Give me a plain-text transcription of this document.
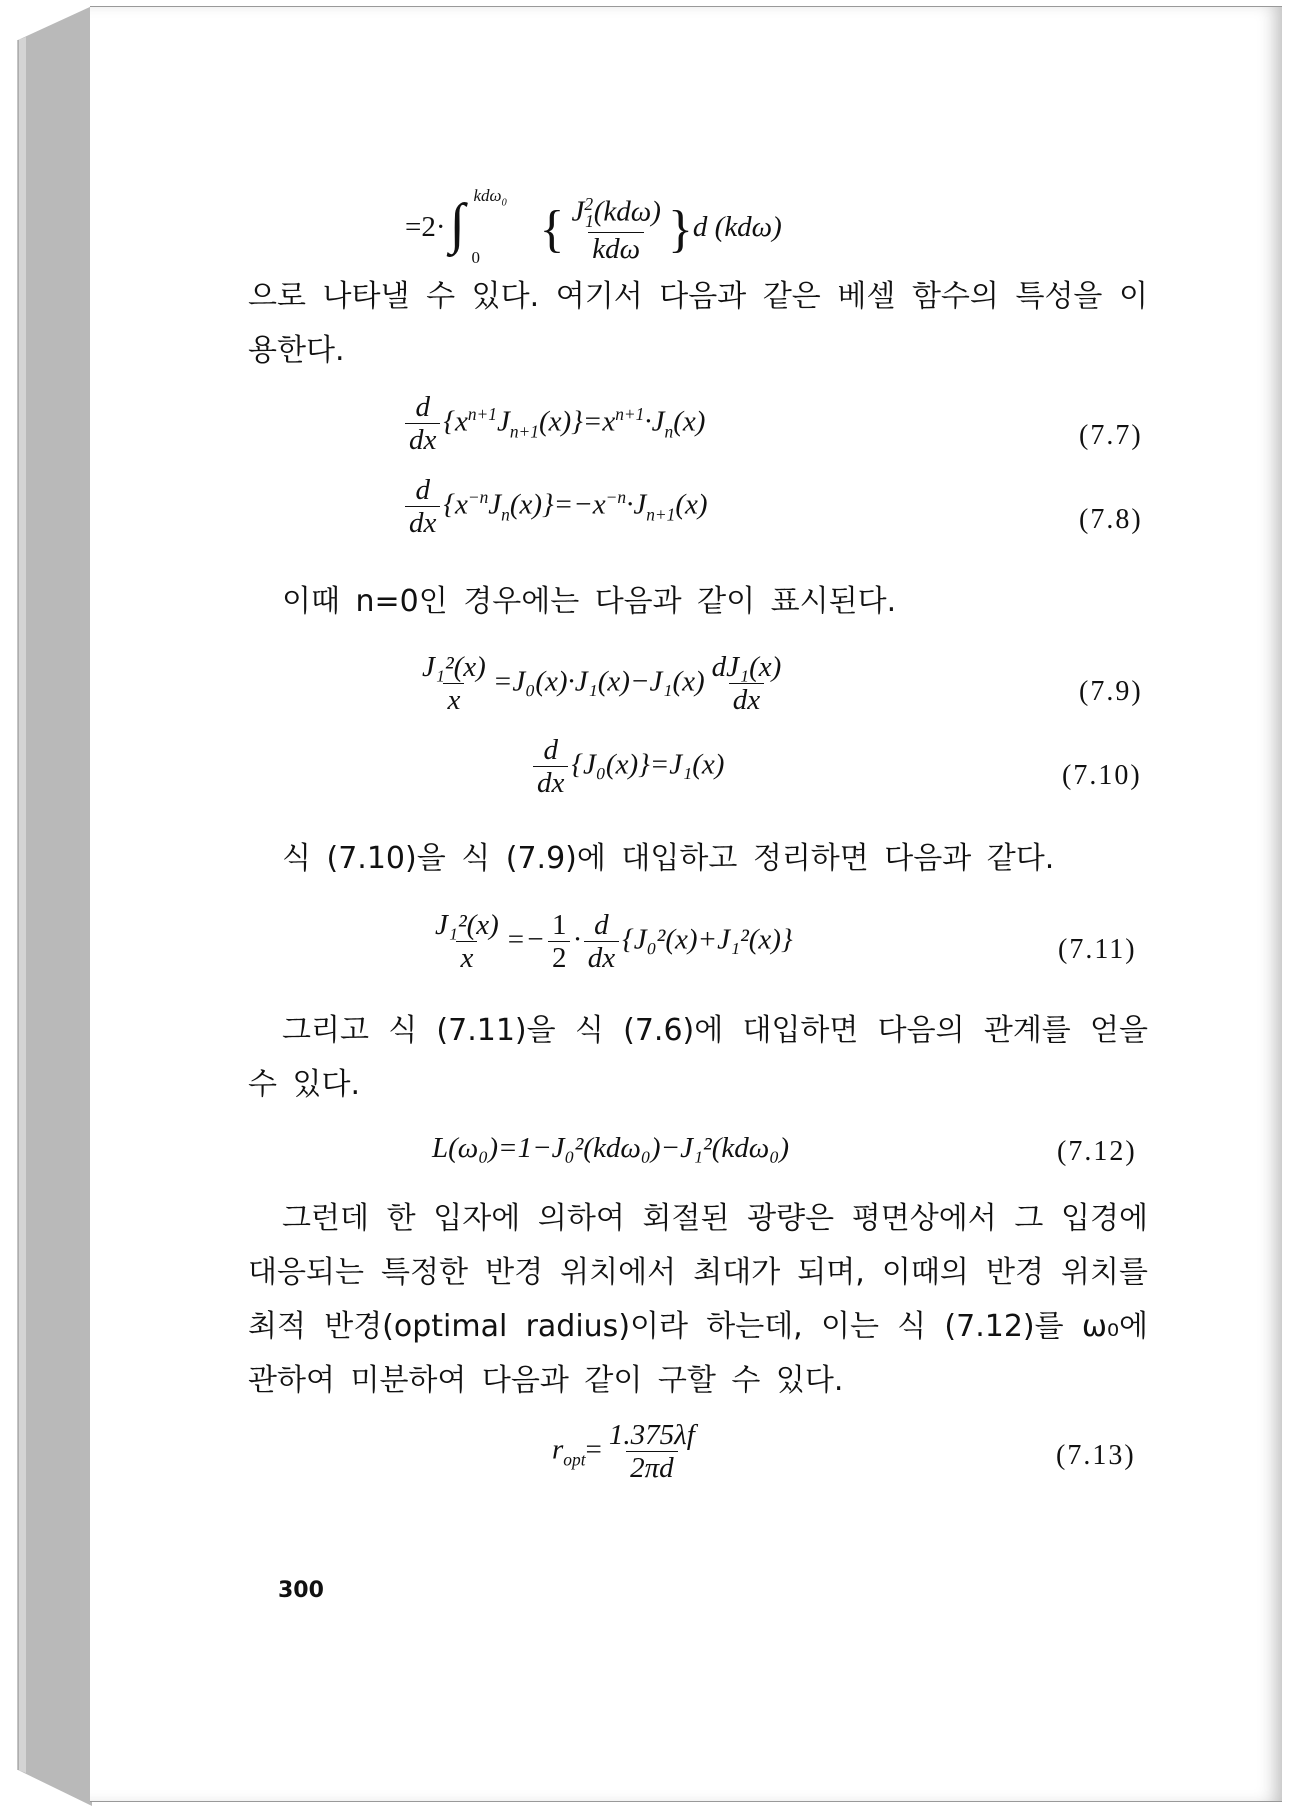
=2· ∫ kdω$_0$
0 { $\frac{J^2_1(kd\omega)}{\text{kdω}} \}d$ (kdω)
으로 나타낼 수 있다. 여기서 다음과 같은 베셀 함수의 특성을 이용한다.
$\frac{d}{dx} \{x^{n+1}J_{n+1}(x)\}=x^{n+1}\cdot J_n(x)$	(7.7)
$\frac{d}{dx} \{x^{-n}J_n(x)\}=-x^{-n}\cdot J_{n+1}(x)$	(7.8)
이때 n=0인 경우에는 다음과 같이 표시된다.
$\frac{\text{J₁²(x)}}{x} =J_0(x)\cdot J_1(x)-J_1(x) \frac{\text{dJ₁(x)}}{dx}$	(7.9)
$\frac{d}{dx} \{J_0(x)\}=J_1(x)$	(7.10)
식 (7.10)을 식 (7.9)에 대입하고 정리하면 다음과 같다.
$\frac{\text{J₁²(x)}}{x} =- \frac{1}{2} \cdot \frac{d}{dx} \{J_0^2(x)+J_1^2(x)\}$	(7.11)
그리고 식 (7.11)을 식 (7.6)에 대입하면 다음의 관계를 얻을 수 있다.
L(ω₀)=1−J₀²(kdω₀)−J₁²(kdω₀)	(7.12)
그런데 한 입자에 의하여 회절된 광량은 평면상에서 그 입경에 대응되는 특정한 반경 위치에서 최대가 되며, 이때의 반경 위치를 최적 반경(optimal radius)이라 하는데, 이는 식 (7.12)를 ω₀에 관하여 미분하여 다음과 같이 구할 수 있다.
$r_{opt}= \frac{1.375\lambda f}{2\pi d}$	(7.13)
300
